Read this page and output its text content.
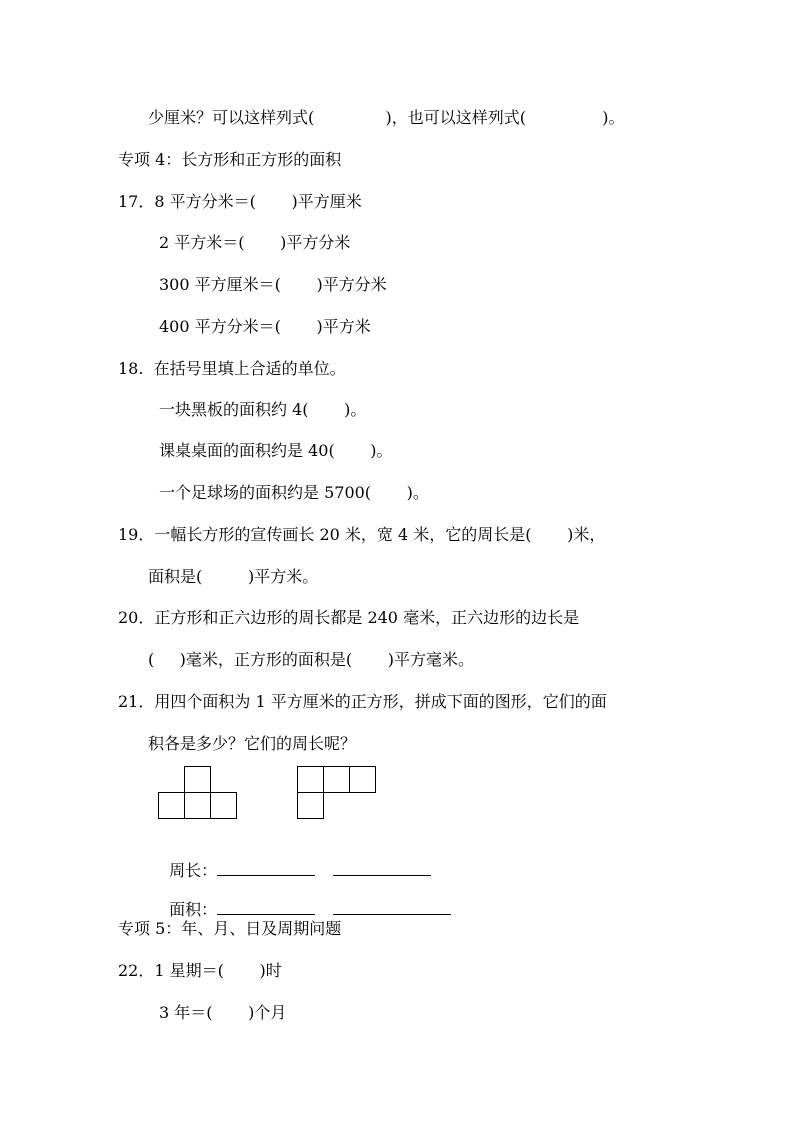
少厘米？可以这样列式(              )，也可以这样列式(               )。
专项 4：长方形和正方形的面积
17．8 平方分米＝(       )平方厘米
2 平方米＝(       )平方分米
300 平方厘米＝(       )平方分米
400 平方分米＝(       )平方米
18.  在括号里填上合适的单位。
一块黑板的面积约 4(       )。
课桌桌面的面积约是 40(       )。
一个足球场的面积约是 5700(       )。
19．一幅长方形的宣传画长 20 米，宽 4 米，它的周长是(       )米，
面积是(         )平方米。
20．正方形和正六边形的周长都是 240 毫米，正六边形的边长是
(     )毫米，正方形的面积是(       )平方毫米。
21．用四个面积为 1 平方厘米的正方形，拼成下面的图形，它们的面
积各是多少？它们的周长呢？

周长：

面积：

专项 5：年、月、日及周期问题
22．1 星期＝(       )时
3 年＝(       )个月
